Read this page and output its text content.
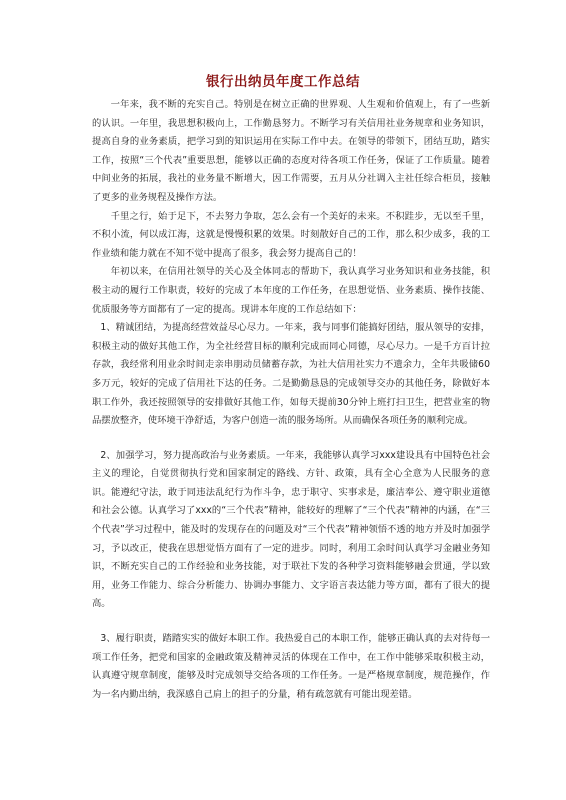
银行出纳员年度工作总结

一年来，我不断的充实自己。特别是在树立正确的世界观、人生观和价值观上，有了一些新的认识。一年里，我思想积极向上，工作勤恳努力。不断学习有关信用社业务规章和业务知识，提高自身的业务素质，把学习到的知识运用在实际工作中去。在领导的带领下，团结互助，踏实工作，按照“三个代表”重要思想，能够以正确的态度对待各项工作任务，保证了工作质量。随着中间业务的拓展，我社的业务量不断增大，因工作需要，五月从分社调入主社任综合柜员，接触了更多的业务规程及操作方法。

千里之行，始于足下，不去努力争取，怎么会有一个美好的未来。不积跬步，无以至千里，不积小流，何以成江海，这就是慢慢积累的效果。时刻散好自己的工作，那么积少成多，我的工作业绩和能力就在不知不觉中提高了很多，我会努力提高自己的！

年初以来，在信用社领导的关心及全体同志的帮助下，我认真学习业务知识和业务技能，积极主动的履行工作职责，较好的完成了本年度的工作任务，在思想觉悟、业务素质、操作技能、优质服务等方面都有了一定的提高。现讲本年度的工作总结如下：

1、精诚团结，为提高经营效益尽心尽力。一年来，我与同事们能搞好团结，服从领导的安排，积极主动的做好其他工作，为全社经营目标的顺利完成而同心同德，尽心尽力。一是千方百计拉存款，我经常利用业余时间走亲串朋动员储蓄存款，为社大信用社实力不遗余力，全年共吸储60多万元，较好的完成了信用社下达的任务。二是勤勤恳恳的完成领导交办的其他任务，除做好本职工作外，我还按照领导的安排做好其他工作，如每天提前30分钟上班打扫卫生，把营业室的物品摆放整齐，使环境干净舒适，为客户创造一流的服务场所。从而确保各项任务的顺利完成。

2、加强学习，努力提高政治与业务素质。一年来，我能够认真学习xxx建设具有中国特色社会主义的理论，自觉贯彻执行党和国家制定的路线、方针、政策，具有全心全意为人民服务的意识。能遵纪守法，敢于同违法乱纪行为作斗争，忠于职守、实事求是，廉洁奉公、遵守职业道德和社会公德。认真学习了xxx的“三个代表”精神，能较好的理解了“三个代表”精神的内涵，在“三个代表”学习过程中，能及时的发现存在的问题及对“三个代表”精神领悟不透的地方并及时加强学习，予以改正，使我在思想觉悟方面有了一定的进步。同时，利用工余时间认真学习金融业务知识，不断充实自己的工作经验和业务技能，对于联社下发的各种学习资料能够融会贯通，学以致用，业务工作能力、综合分析能力、协调办事能力、文字语言表达能力等方面，都有了很大的提高。

3、履行职责，踏踏实实的做好本职工作。我热爱自己的本职工作，能够正确认真的去对待每一项工作任务，把党和国家的金融政策及精神灵活的体现在工作中，在工作中能够采取积极主动，认真遵守规章制度，能够及时完成领导交给各项的工作任务。一是严格规章制度，规范操作，作为一名内勤出纳，我深感自己肩上的担子的分量，稍有疏忽就有可能出现差错。
